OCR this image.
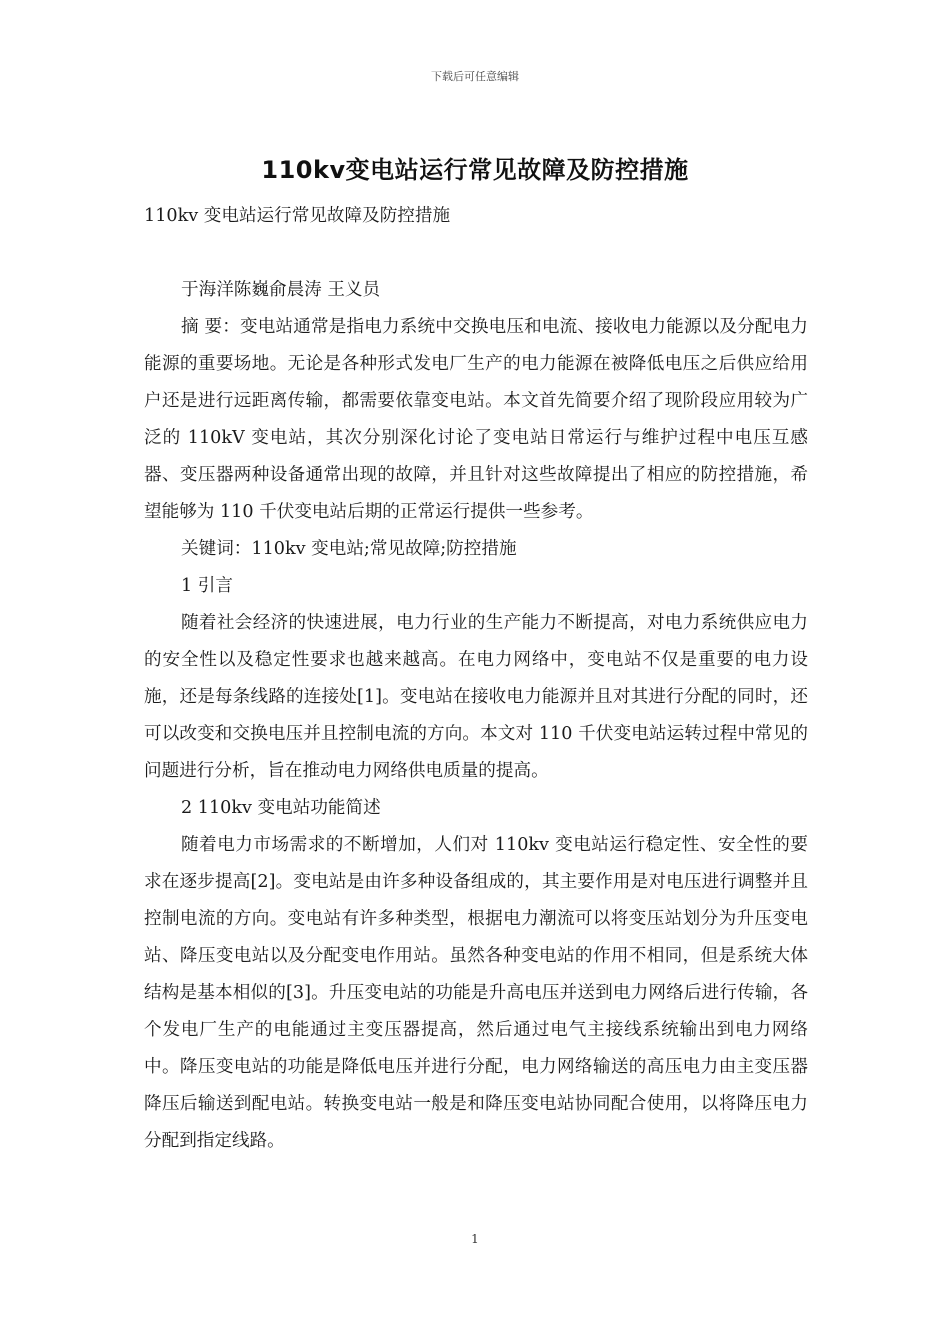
下载后可任意编辑
110kv变电站运行常见故障及防控措施

110kv 变电站运行常见故障及防控措施

于海洋陈巍俞晨涛 王义员

摘 要：变电站通常是指电力系统中交换电压和电流、接收电力能源以及分配电力能源的重要场地。无论是各种形式发电厂生产的电力能源在被降低电压之后供应给用户还是进行远距离传输，都需要依靠变电站。本文首先简要介绍了现阶段应用较为广泛的 110kV 变电站，其次分别深化讨论了变电站日常运行与维护过程中电压互感器、变压器两种设备通常出现的故障，并且针对这些故障提出了相应的防控措施，希望能够为 110 千伏变电站后期的正常运行提供一些参考。

关键词：110kv 变电站;常见故障;防控措施

1 引言

随着社会经济的快速进展，电力行业的生产能力不断提高，对电力系统供应电力的安全性以及稳定性要求也越来越高。在电力网络中，变电站不仅是重要的电力设施，还是每条线路的连接处[1]。变电站在接收电力能源并且对其进行分配的同时，还可以改变和交换电压并且控制电流的方向。本文对 110 千伏变电站运转过程中常见的问题进行分析，旨在推动电力网络供电质量的提高。

2 110kv 变电站功能简述

随着电力市场需求的不断增加，人们对 110kv 变电站运行稳定性、安全性的要求在逐步提高[2]。变电站是由许多种设备组成的，其主要作用是对电压进行调整并且控制电流的方向。变电站有许多种类型，根据电力潮流可以将变压站划分为升压变电站、降压变电站以及分配变电作用站。虽然各种变电站的作用不相同，但是系统大体结构是基本相似的[3]。升压变电站的功能是升高电压并送到电力网络后进行传输，各个发电厂生产的电能通过主变压器提高，然后通过电气主接线系统输出到电力网络中。降压变电站的功能是降低电压并进行分配，电力网络输送的高压电力由主变压器降压后输送到配电站。转换变电站一般是和降压变电站协同配合使用，以将降压电力分配到指定线路。

1
